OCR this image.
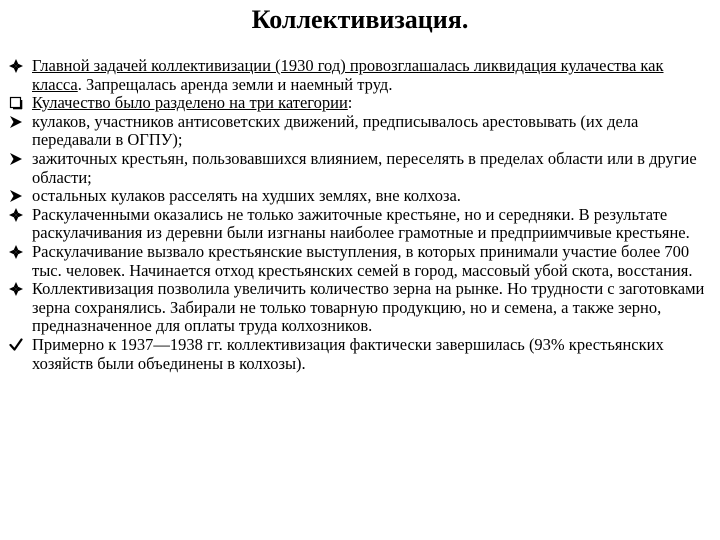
Коллективизация.
Главной задачей коллективизации (1930 год) провозглашалась ликвидация кулачества как класса. Запрещалась аренда земли и наемный труд.
Кулачество было разделено на три категории:
кулаков, участников антисоветских движений, предписывалось арестовывать (их дела передавали в ОГПУ);
зажиточных крестьян, пользовавшихся влиянием, переселять в пределах области или в другие области;
остальных кулаков расселять на худших землях, вне колхоза.
Раскулаченными оказались не только зажиточные крестьяне, но и середняки. В результате раскулачивания из деревни были изгнаны наиболее грамотные и предприимчивые крестьяне.
Раскулачивание вызвало крестьянские выступления, в которых принимали участие более 700 тыс. человек. Начинается отход крестьянских семей в город, массовый убой скота, восстания.
Коллективизация позволила увеличить количество зерна на рынке. Но трудности с заготовками зерна сохранялись. Забирали не только товарную продукцию, но и семена, а также зерно, предназначенное для оплаты труда колхозников.
Примерно к 1937—1938 гг. коллективизация фактически завершилась (93% крестьянских хозяйств были объединены в колхозы).
